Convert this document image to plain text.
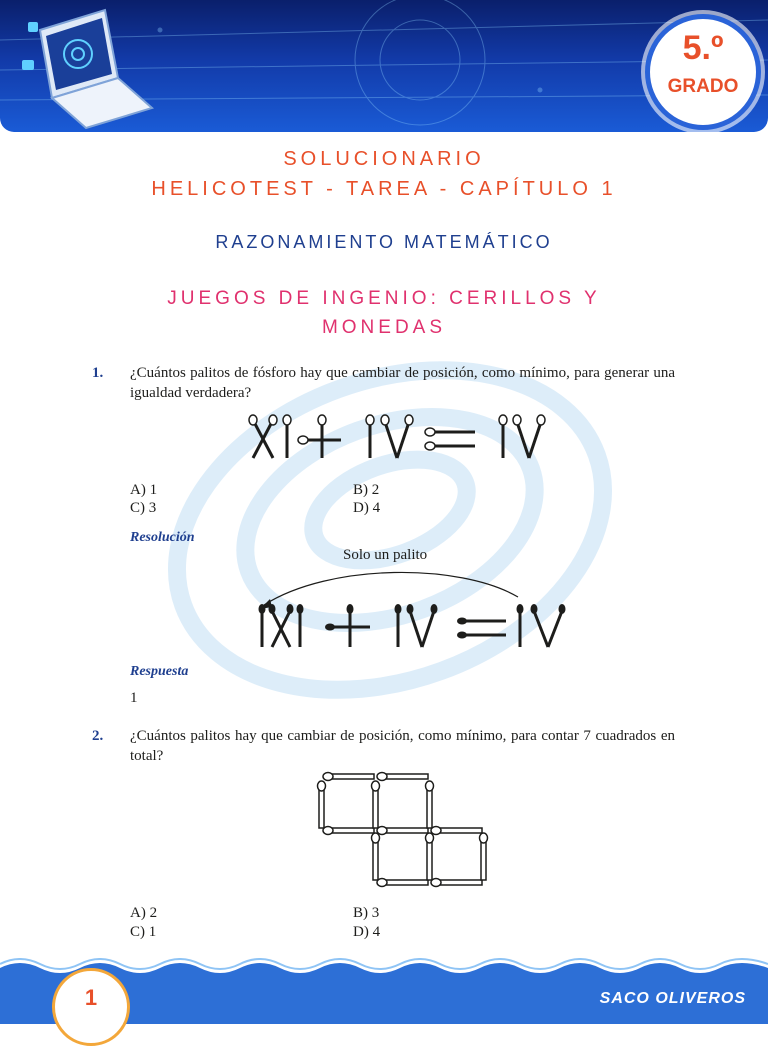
5.º
GRADO
SOLUCIONARIO
HELICOTEST - TAREA - CAPÍTULO 1
RAZONAMIENTO MATEMÁTICO
JUEGOS DE INGENIO: CERILLOS Y MONEDAS
1. ¿Cuántos palitos de fósforo hay que cambiar de posición, como mínimo, para generar una igualdad verdadera?
A) 1	B) 2
C) 3	D) 4
Resolución
Solo un palito
Respuesta
1
2. ¿Cuántos palitos hay que cambiar de posición, como mínimo, para contar 7 cuadrados en total?
A) 2	B) 3
C) 1	D) 4
1	SACO OLIVEROS
